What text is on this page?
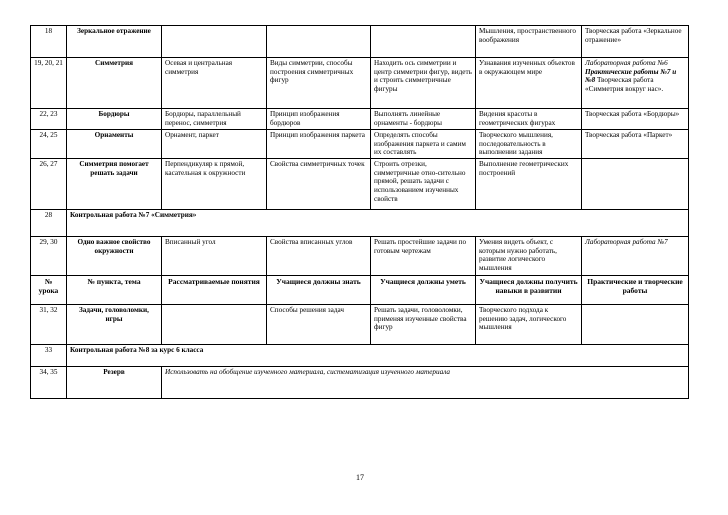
18	Зеркальное отражение				Мышления, пространственного воображения	Творческая работа «Зеркальное отражение»
19, 20, 21	Симметрия	Осевая и центральная симметрия	Виды симметрии, способы построения симметричных фигур	Находить ось симметрии и центр симметрии фигур, видеть и строить симметричные фигуры	Узнавания изученных объектов в окружающем мире	Лабораторная работа №6 Практические работы №7 и №8 Творческая работа «Симметрия вокруг нас».
22, 23	Бордюры	Бордюры, параллельный перенос, симметрия	Принцип изображения бордюров	Выполнять линейные орнаменты - бордюры	Видения красоты в геометрических фигурах	Творческая работа «Бордюры»
24, 25	Орнаменты	Орнамент, паркет	Принцип изображения паркета	Определять способы изображения паркета и самим их составлять	Творческого мышления, последовательность в выполнении задания	Творческая работа «Паркет»
26, 27	Симметрия помогает решать задачи	Перпендикуляр к прямой, касательная к окружности	Свойства симметричных точек	Строить отрезки, симметричные отно-сительно прямой, решать задачи с использованием изученных свойств	Выполнение геометрических построений	
28	Контрольная работа №7 «Симметрия»					
29, 30	Одно важное свойство окружности	Вписанный угол	Свойства вписанных углов	Решать простейшие задачи по готовым чертежам	Умения видеть объект, с которым нужно работать, развитие логического мышления	Лабораторная работа №7
№ урока	№ пункта, тема	Рассматриваемые понятия	Учащиеся должны знать	Учащиеся должны уметь	Учащиеся должны получить навыки в развитии	Практические и творческие работы
31, 32	Задачи, головоломки, игры		Способы решения задач	Решать задачи, головоломки, применяя изученные свойства фигур	Творческого подхода к решению задач, логического мышления	
33	Контрольная работа №8 за курс 6 класса					
34, 35	Резерв	Использовать на обобщение изученного материала, систематизация изученного материала				
17
